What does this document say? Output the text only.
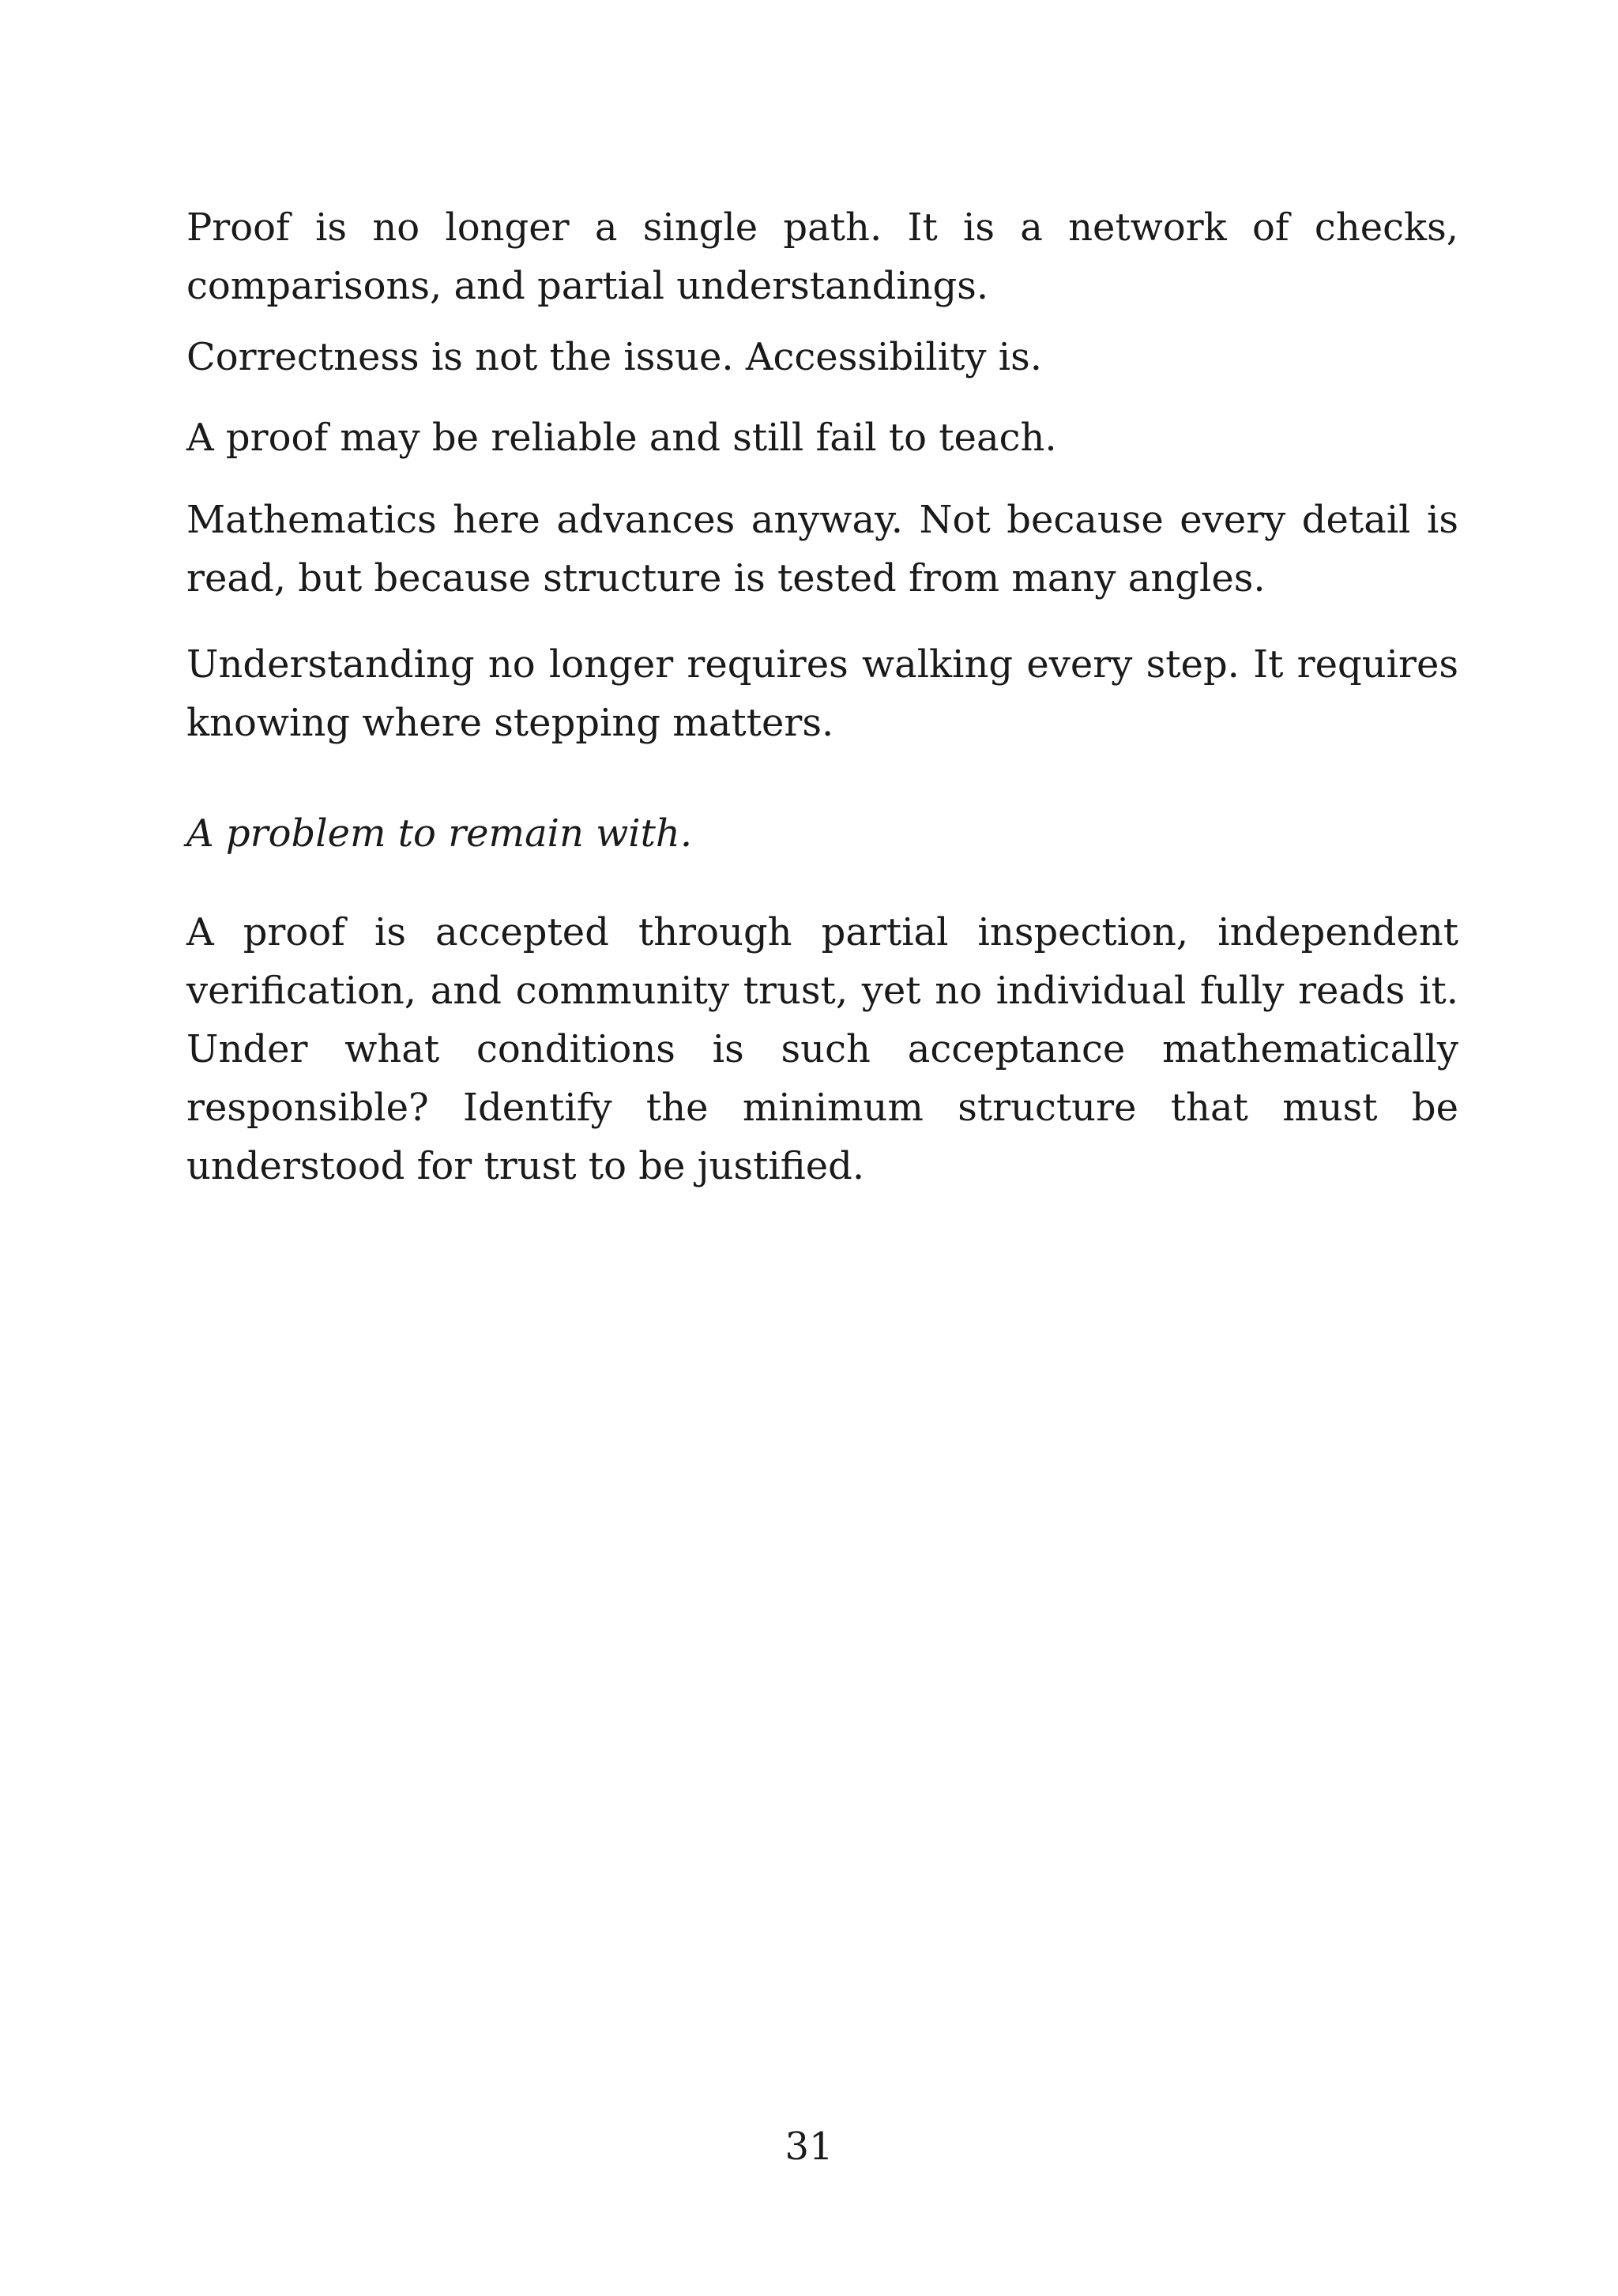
Proof is no longer a single path. It is a network of checks, comparisons, and partial understandings.

Correctness is not the issue. Accessibility is.

A proof may be reliable and still fail to teach.

Mathematics here advances anyway. Not because every detail is read, but because structure is tested from many angles.

Understanding no longer requires walking every step. It requires knowing where stepping matters.

A problem to remain with.

A proof is accepted through partial inspection, independent verification, and community trust, yet no individual fully reads it. Under what conditions is such acceptance mathematically responsible? Identify the minimum structure that must be understood for trust to be justified.

31
